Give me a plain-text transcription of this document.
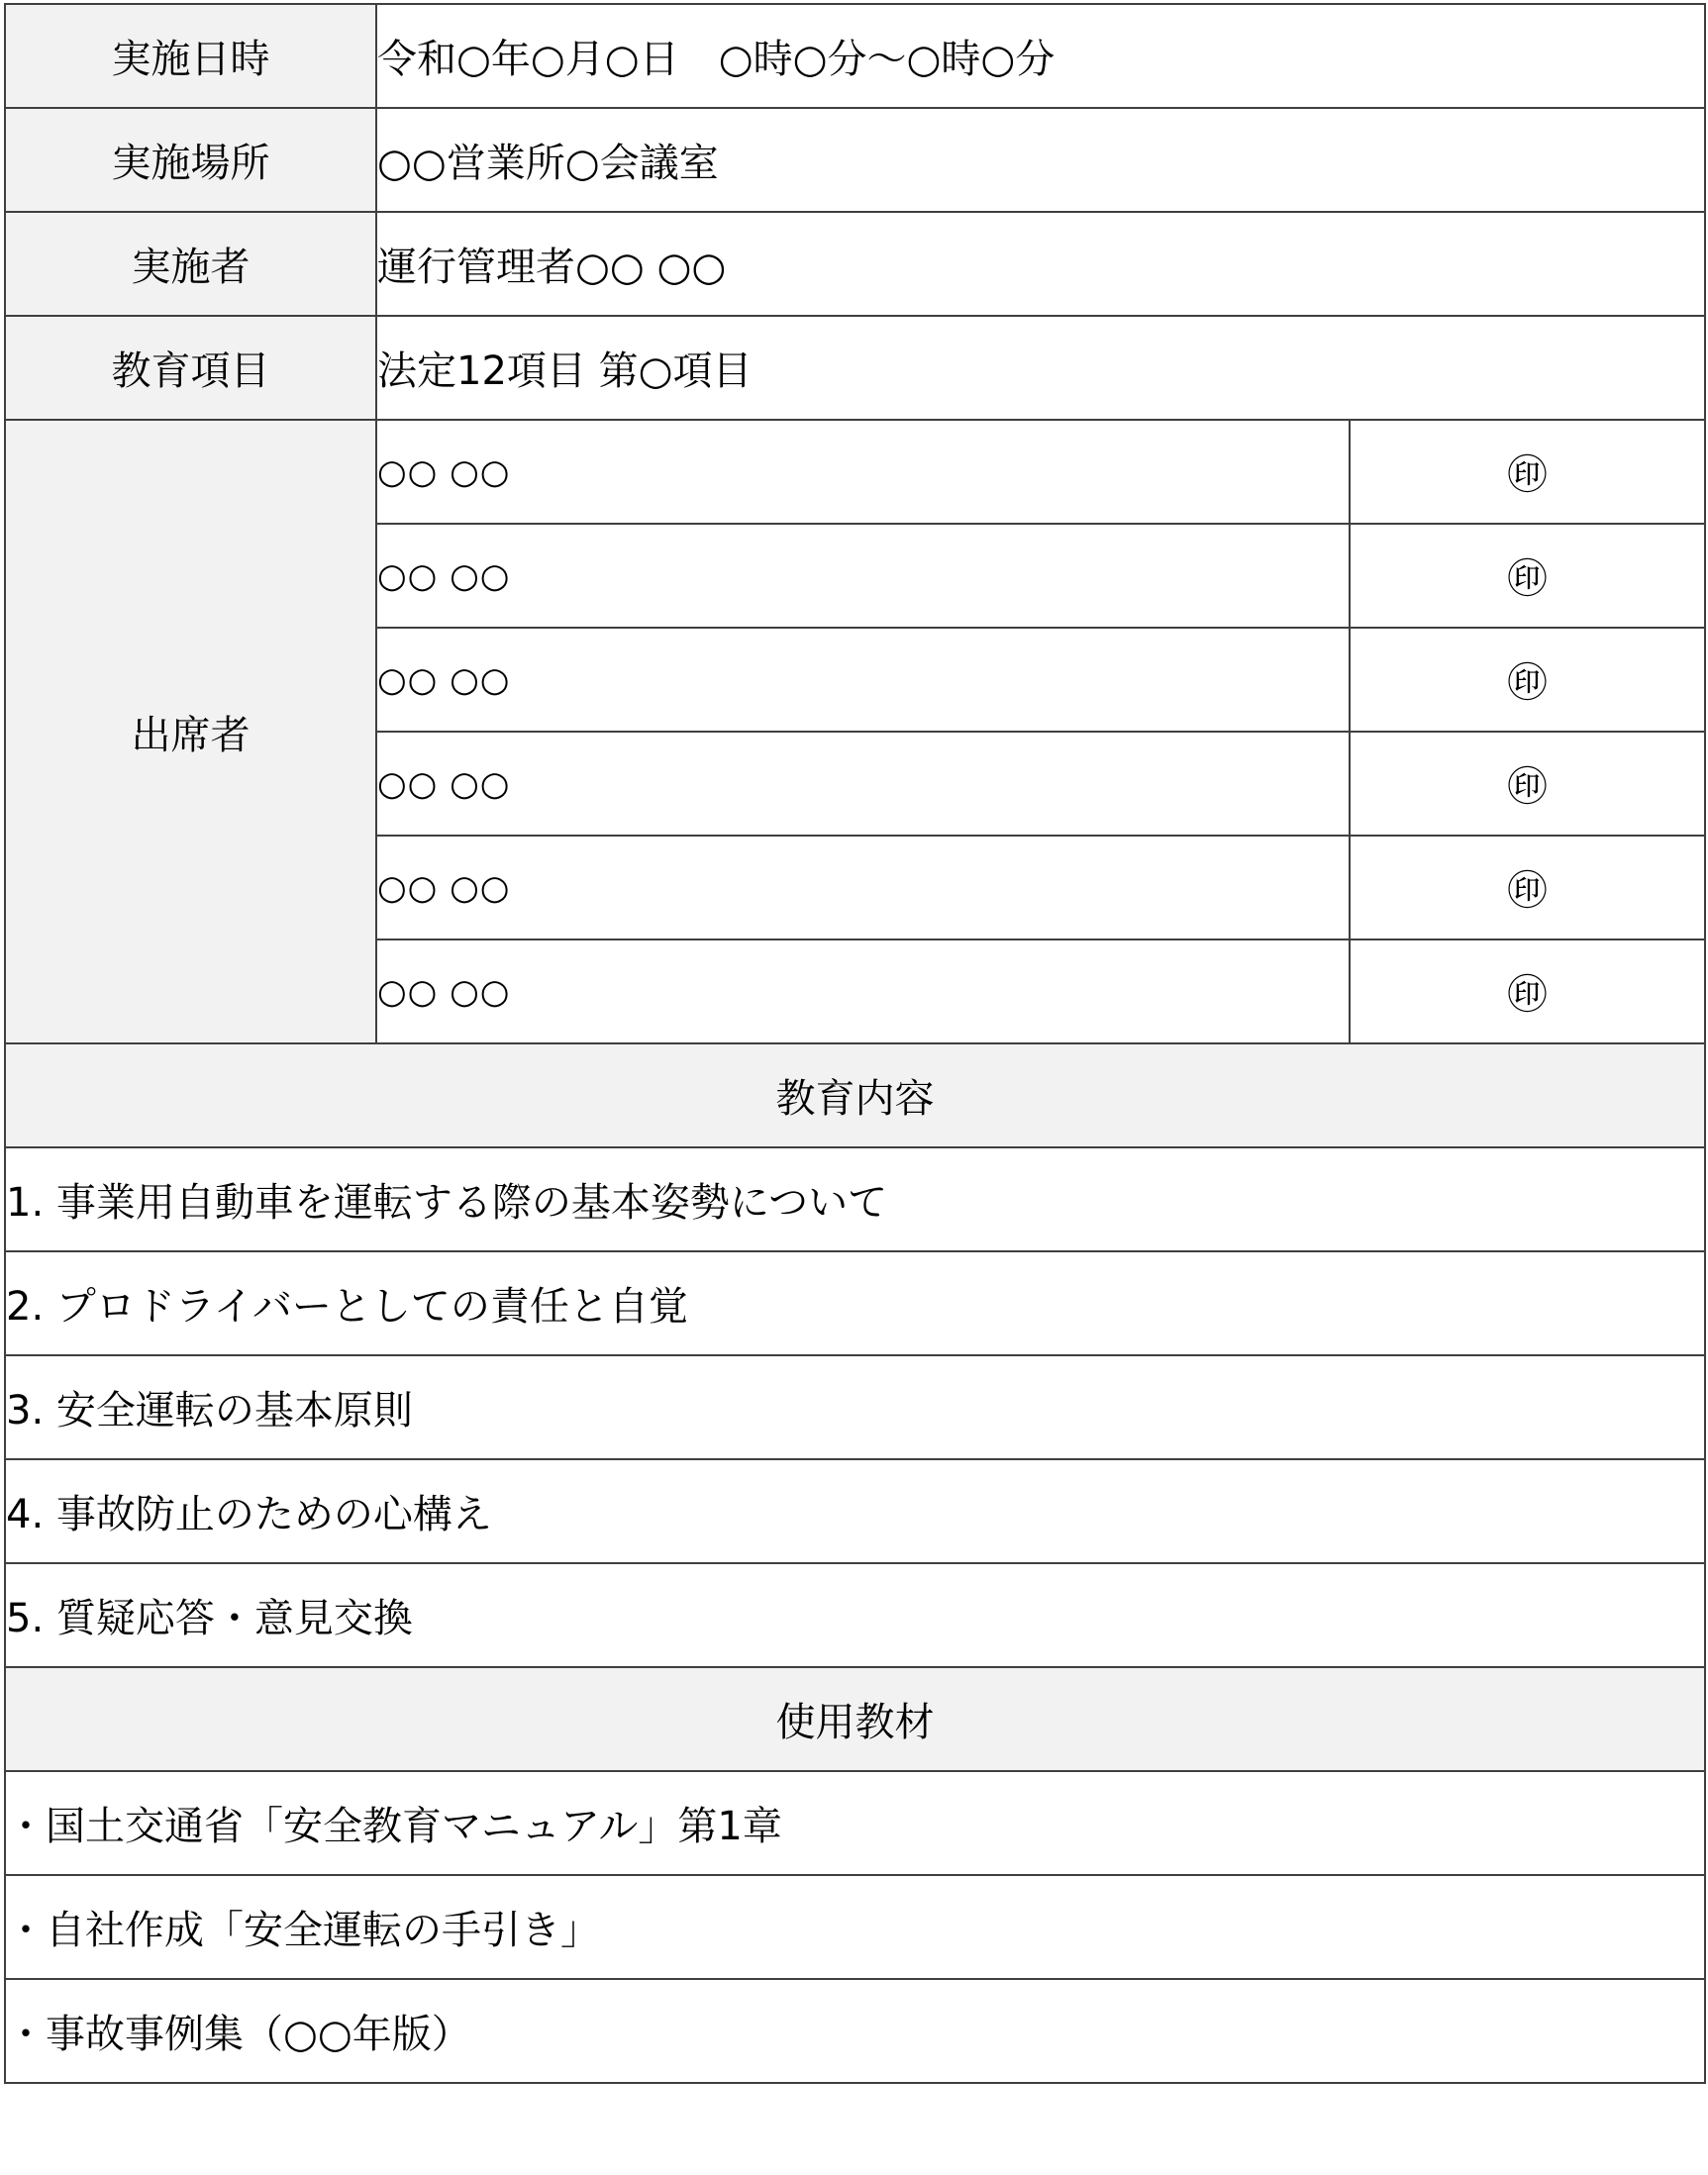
実施日時	令和○年○月○日　○時○分～○時○分	
実施場所	○○営業所○会議室	
実施者	運行管理者○○ ○○	
教育項目	法定12項目 第○項目	
出席者	○○ ○○	㊞
	○○ ○○	㊞
	○○ ○○	㊞
	○○ ○○	㊞
	○○ ○○	㊞
	○○ ○○	㊞
教育内容		
1. 事業用自動車を運転する際の基本姿勢について		
2. プロドライバーとしての責任と自覚		
3. 安全運転の基本原則		
4. 事故防止のための心構え		
5. 質疑応答・意見交換		
使用教材		
・国土交通省「安全教育マニュアル」第1章		
・自社作成「安全運転の手引き」		
・事故事例集（○○年版）		
